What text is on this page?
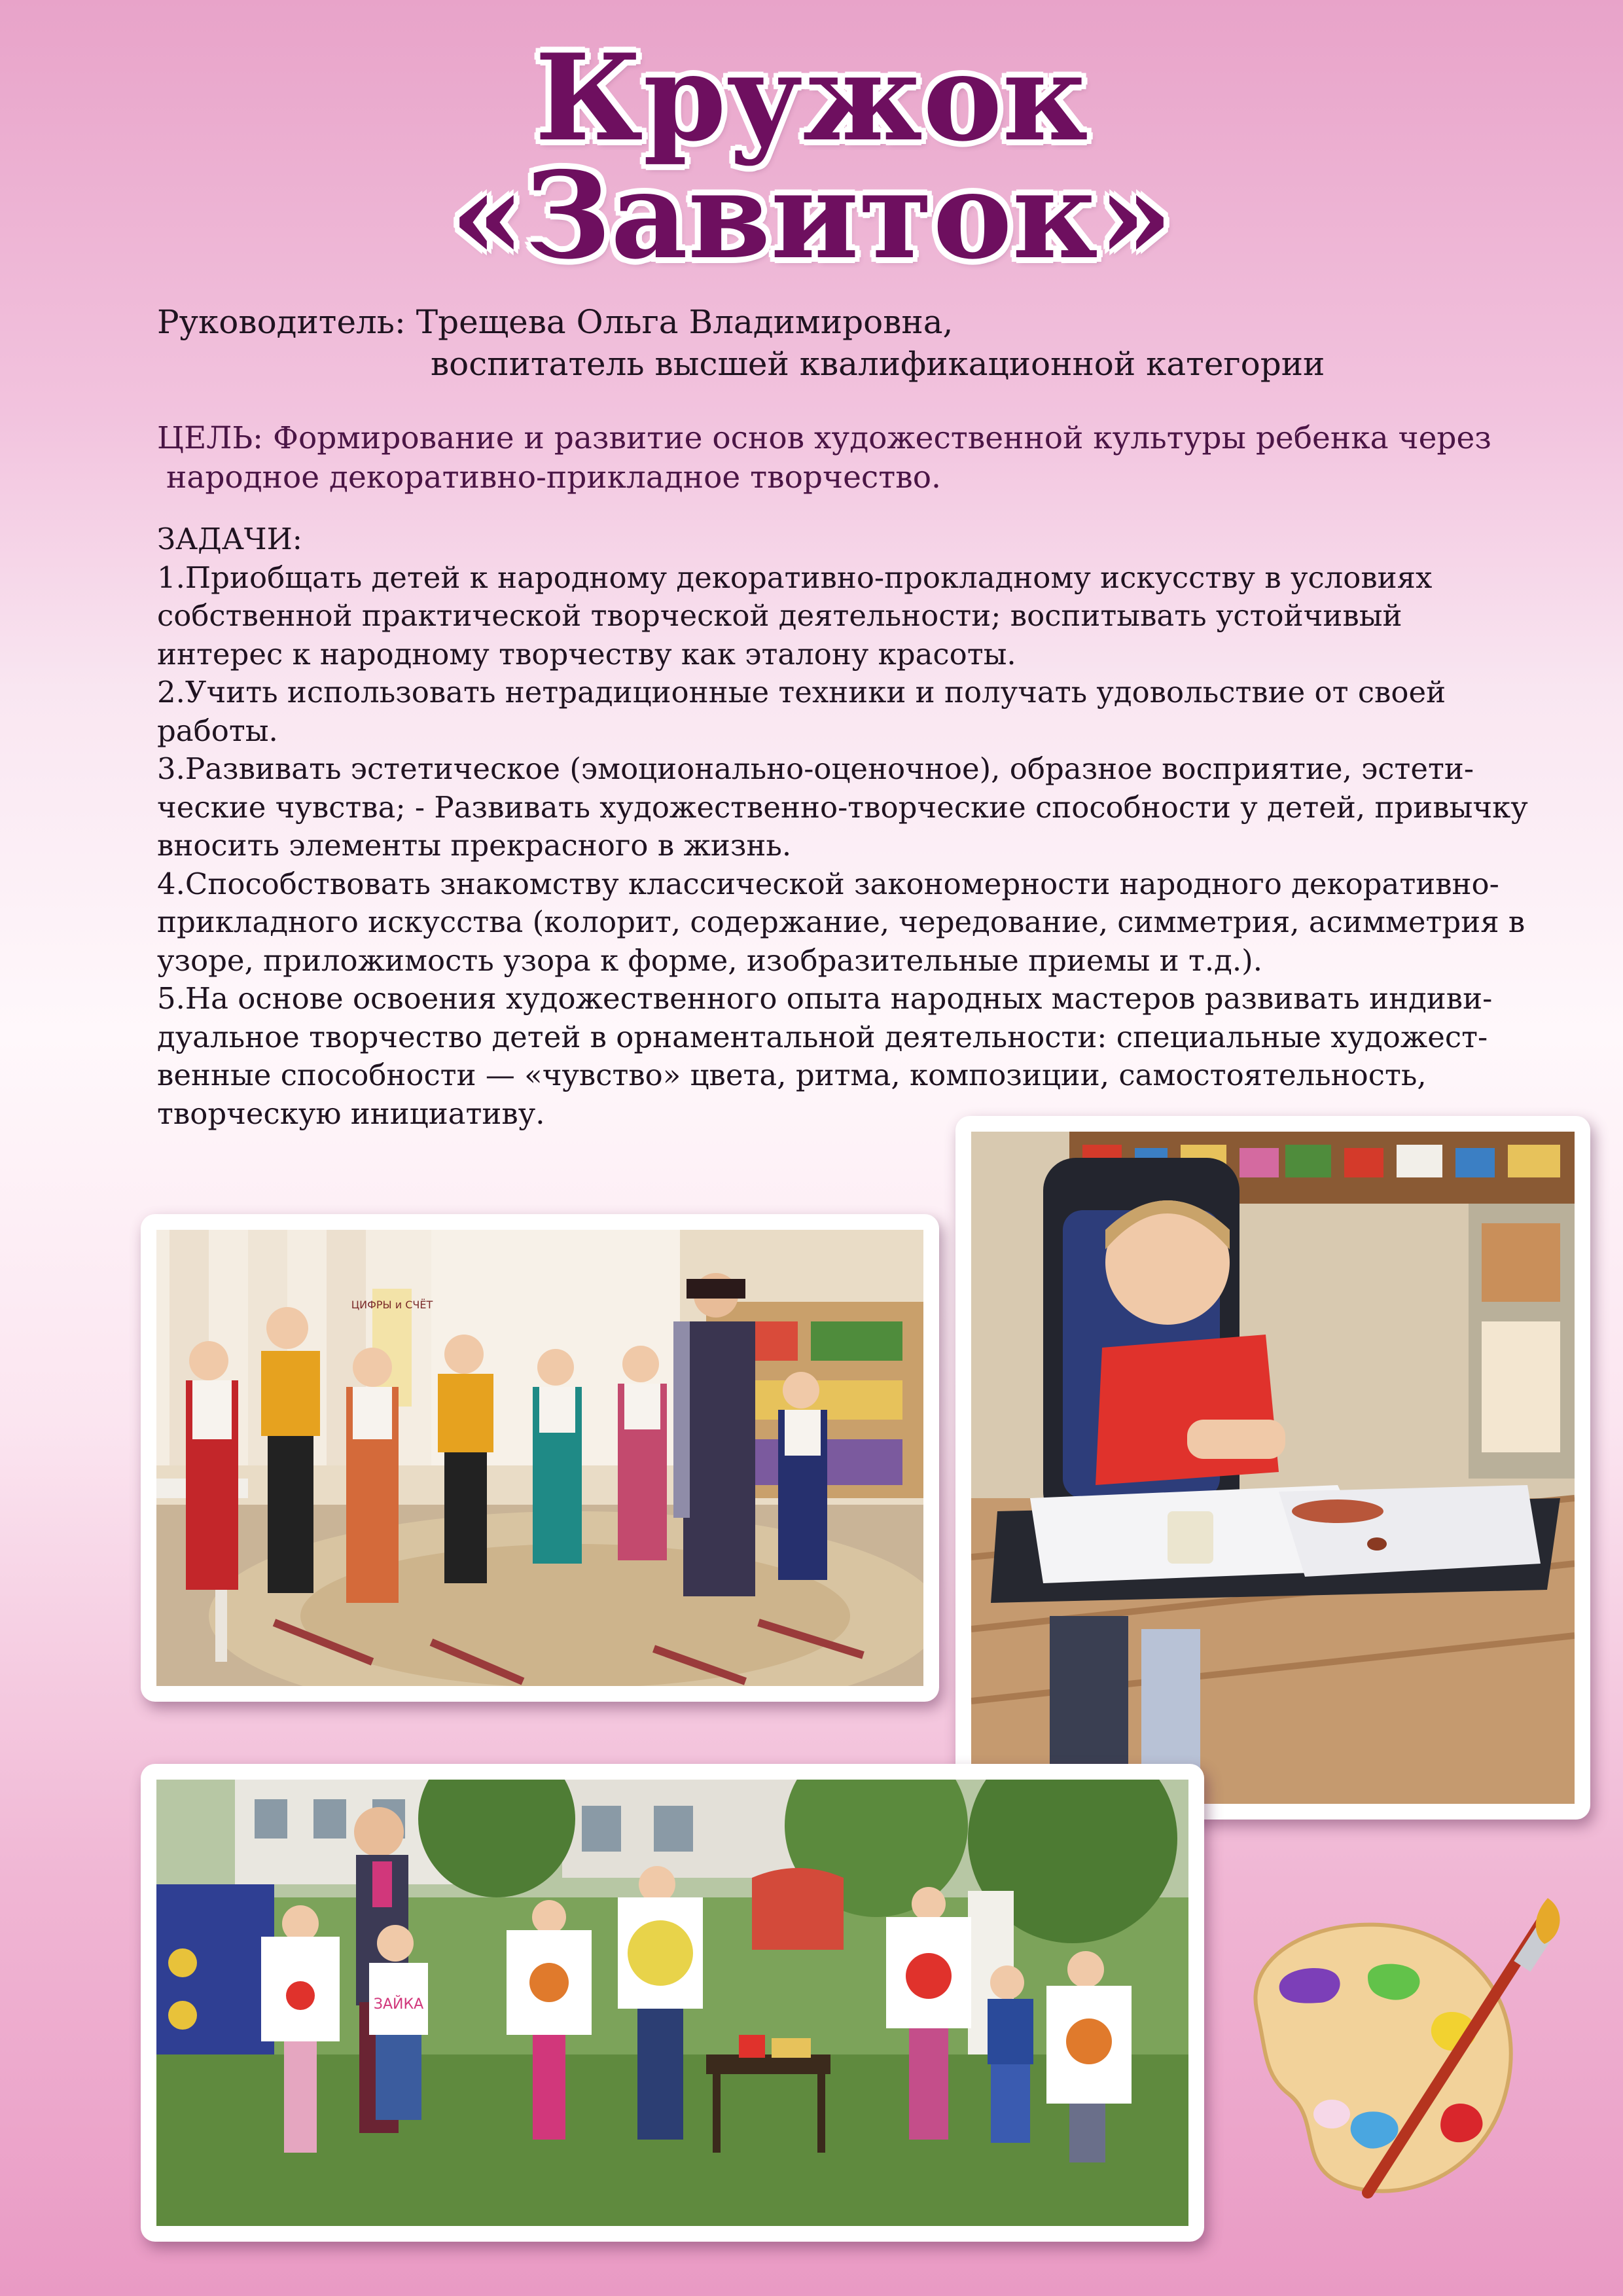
Кружок
«Завиток»
Руководитель: Трещева Ольга Владимировна,
воспитатель высшей квалификационной категории
ЦЕЛЬ: Формирование и развитие основ художественной культуры ребенка через
народное декоративно-прикладное творчество.
ЗАДАЧИ:
1.Приобщать детей к народному декоративно-прокладному искусству в условиях
собственной практической творческой деятельности; воспитывать устойчивый
интерес к народному творчеству как эталону красоты.
2.Учить использовать нетрадиционные техники и получать удовольствие от своей
работы.
3.Развивать эстетическое (эмоционально-оценочное), образное восприятие, эстети-
ческие чувства; - Развивать художественно-творческие способности у детей, привычку
вносить элементы прекрасного в жизнь.
4.Способствовать знакомству классической закономерности народного декоративно-
прикладного искусства (колорит, содержание, чередование, симметрия, асимметрия в
узоре, приложимость узора к форме, изобразительные приемы и т.д.).
5.На основе освоения художественного опыта народных мастеров развивать индиви-
дуальное творчество детей в орнаментальной деятельности: специальные художест-
венные способности — «чувство» цвета, ритма, композиции, самостоятельность,
творческую инициативу.
ЦИФРЫ и СЧЁТ
ЗАЙКА
